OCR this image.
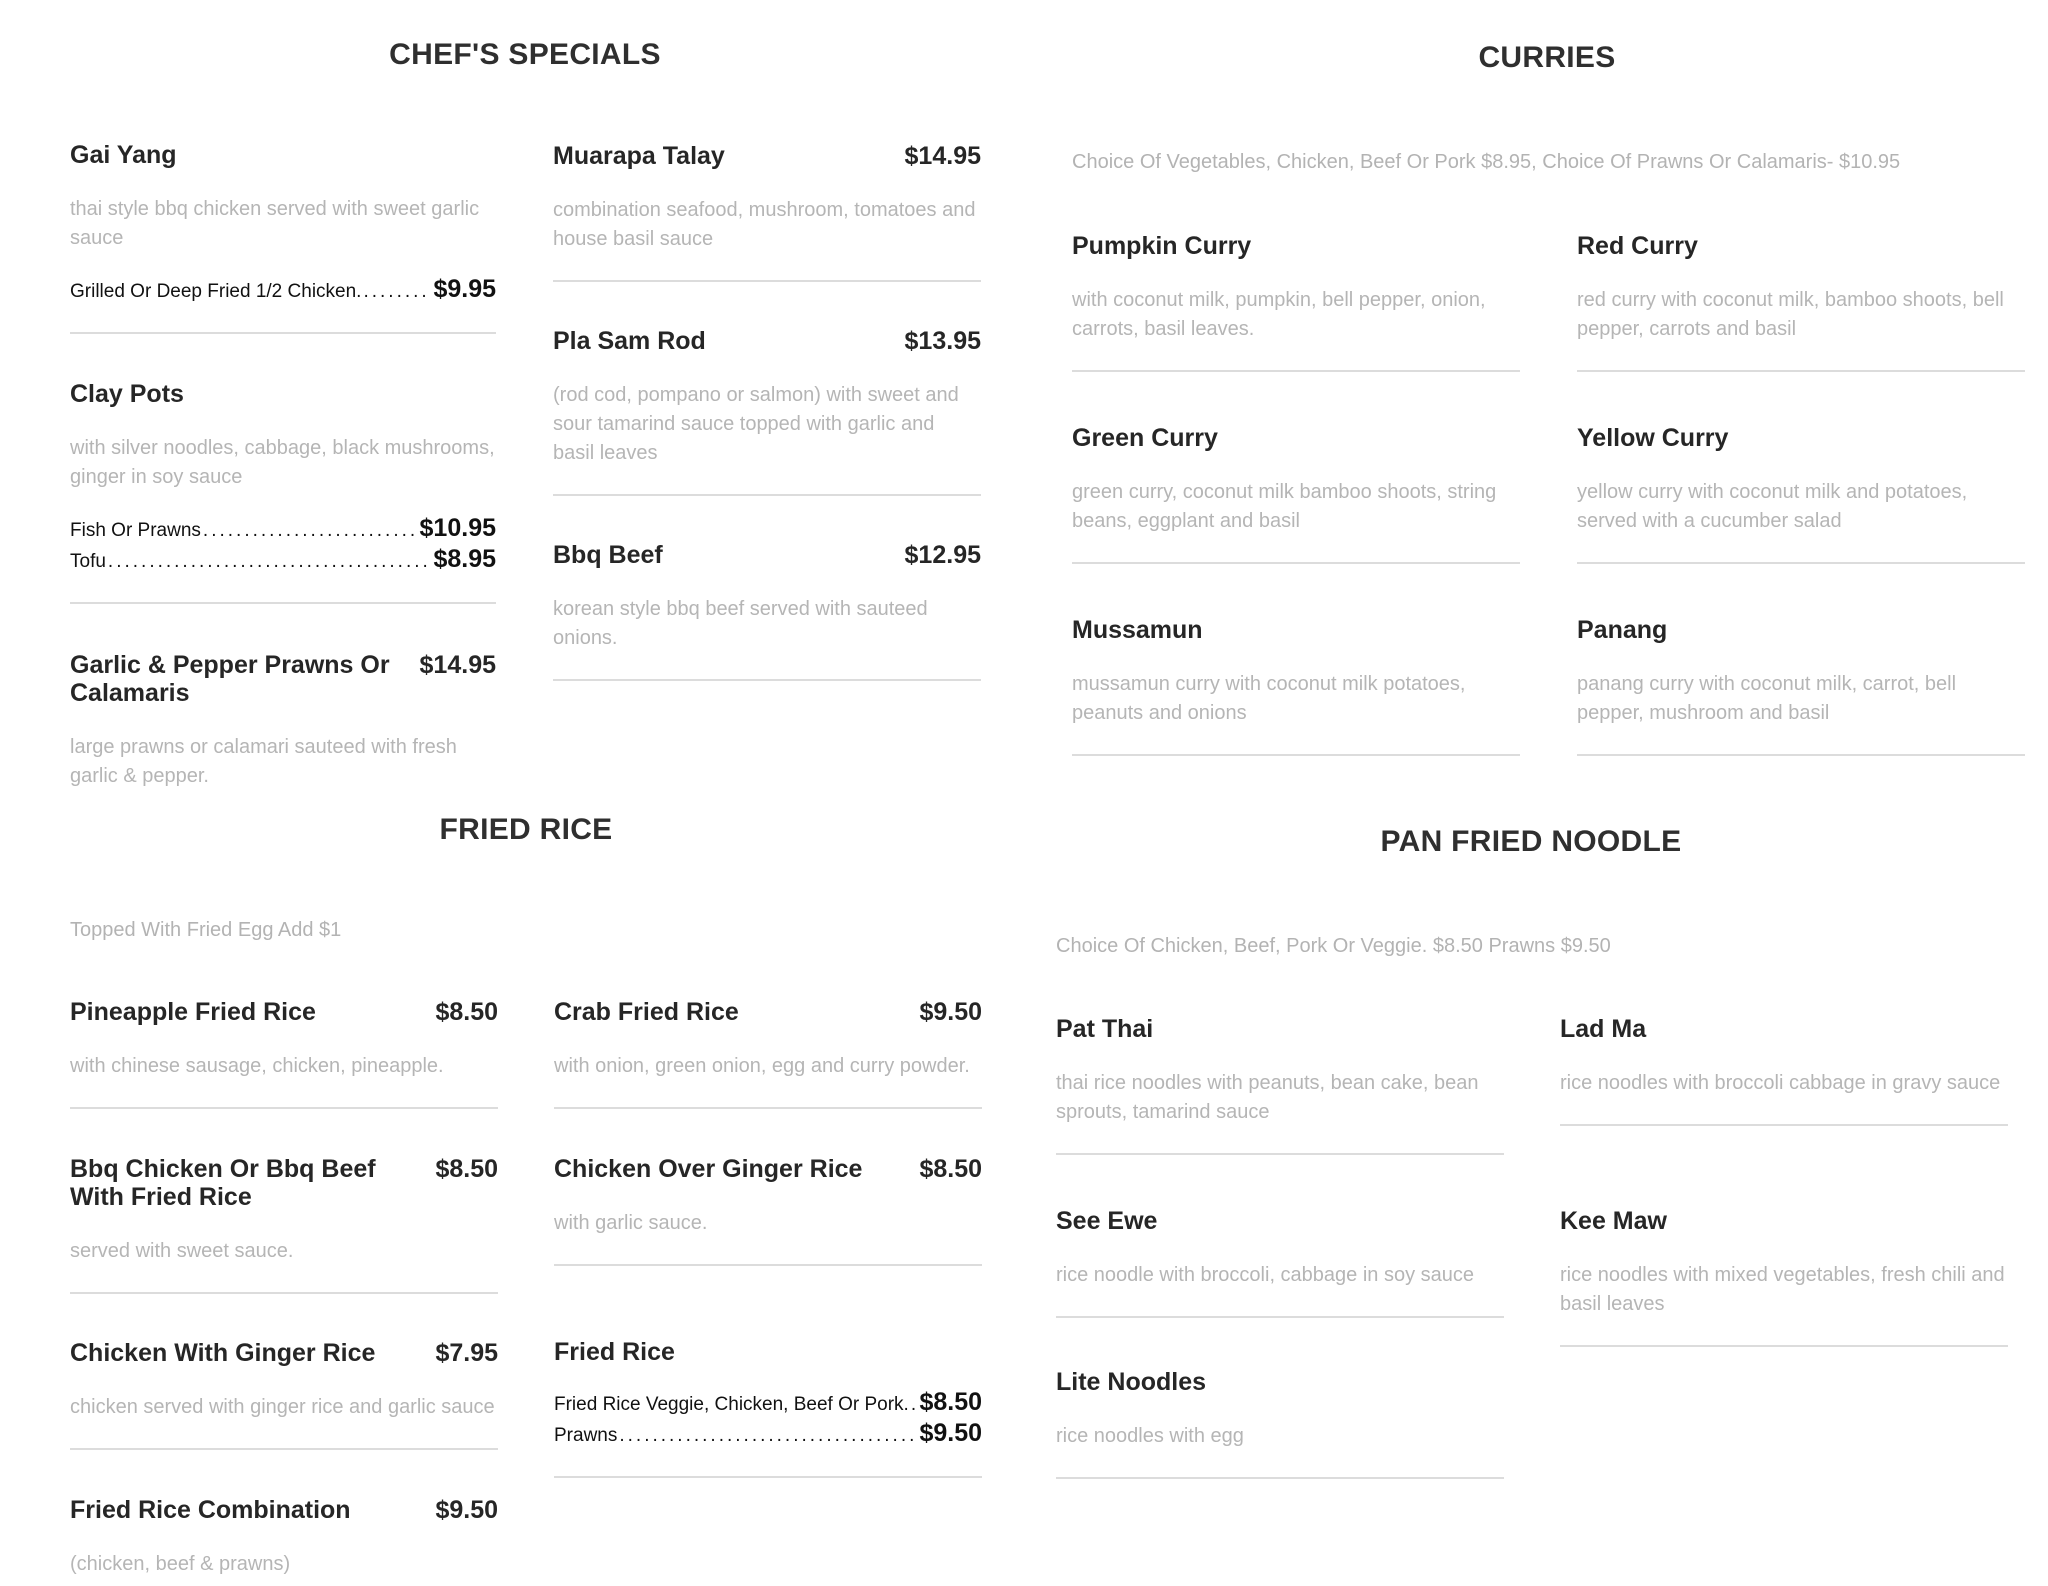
CHEF'S SPECIALS
Gai Yang
thai style bbq chicken served with sweet garlic sauce
Grilled Or Deep Fried 1/2 Chicken. .....	$9.95
Clay Pots
with silver noodles, cabbage, black mushrooms, ginger in soy sauce
Fish Or Prawns .....	$10.95
Tofu .....	$8.95
Garlic & Pepper Prawns Or Calamaris
$14.95
large prawns or calamari sauteed with fresh garlic & pepper.
Muarapa Talay	$14.95
combination seafood, mushroom, tomatoes and house basil sauce
Pla Sam Rod	$13.95
(rod cod, pompano or salmon) with sweet and sour tamarind sauce topped with garlic and basil leaves
Bbq Beef	$12.95
korean style bbq beef served with sauteed onions.
CURRIES
Choice Of Vegetables, Chicken, Beef Or Pork $8.95, Choice Of Prawns Or Calamaris- $10.95
Pumpkin Curry
with coconut milk, pumpkin, bell pepper, onion, carrots, basil leaves.
Red Curry
red curry with coconut milk, bamboo shoots, bell pepper, carrots and basil
Green Curry
green curry, coconut milk bamboo shoots, string beans, eggplant and basil
Yellow Curry
yellow curry with coconut milk and potatoes, served with a cucumber salad
Mussamun
mussamun curry with coconut milk potatoes, peanuts and onions
Panang
panang curry with coconut milk, carrot, bell pepper, mushroom and basil
FRIED RICE
Topped With Fried Egg Add $1
Pineapple Fried Rice	$8.50
with chinese sausage, chicken, pineapple.
Bbq Chicken Or Bbq Beef With Fried Rice
$8.50
served with sweet sauce.
Chicken With Ginger Rice $7.95
chicken served with ginger rice and garlic sauce
Fried Rice Combination	$9.50
(chicken, beef & prawns)
Crab Fried Rice	$9.50
with onion, green onion, egg and curry powder.
Chicken Over Ginger Rice $8.50
with garlic sauce.
Fried Rice
Fried Rice Veggie, Chicken, Beef Or Pork. ..... $8.50
Prawns .....	$9.50
PAN FRIED NOODLE
Choice Of Chicken, Beef, Pork Or Veggie. $8.50 Prawns $9.50
Pat Thai
thai rice noodles with peanuts, bean cake, bean sprouts, tamarind sauce
Lad Ma
rice noodles with broccoli cabbage in gravy sauce
See Ewe
rice noodle with broccoli, cabbage in soy sauce
Kee Maw
rice noodles with mixed vegetables, fresh chili and basil leaves
Lite Noodles
rice noodles with egg
